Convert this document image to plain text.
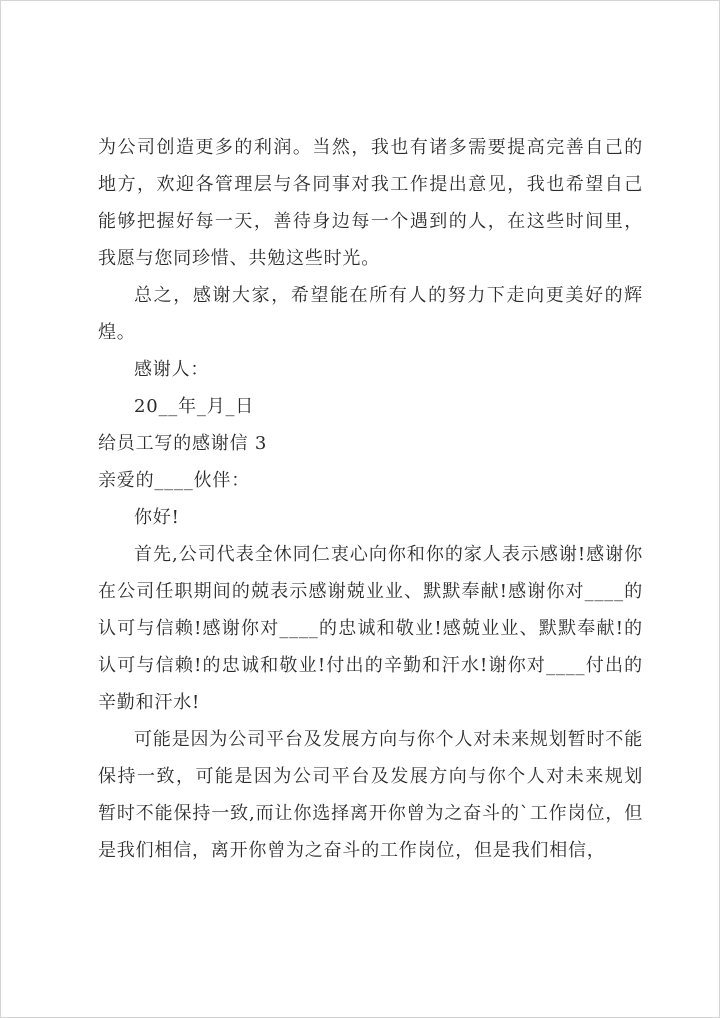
为公司创造更多的利润。当然，我也有诸多需要提高完善自己的地方，欢迎各管理层与各同事对我工作提出意见，我也希望自己能够把握好每一天，善待身边每一个遇到的人，在这些时间里，我愿与您同珍惜、共勉这些时光。

总之，感谢大家，希望能在所有人的努力下走向更美好的辉煌。

感谢人：

20__年_月_日

给员工写的感谢信 3

亲爱的____伙伴：

你好!

首先,公司代表全休同仁衷心向你和你的家人表示感谢!感谢你在公司任职期间的兢表示感谢兢业业、默默奉献!感谢你对____的认可与信赖!感谢你对____的忠诚和敬业!感兢业业、默默奉献!的认可与信赖!的忠诚和敬业!付出的辛勤和汗水!谢你对____付出的辛勤和汗水!

可能是因为公司平台及发展方向与你个人对未来规划暂时不能保持一致，可能是因为公司平台及发展方向与你个人对未来规划暂时不能保持一致,而让你选择离开你曾为之奋斗的`工作岗位，但是我们相信，离开你曾为之奋斗的工作岗位，但是我们相信，
